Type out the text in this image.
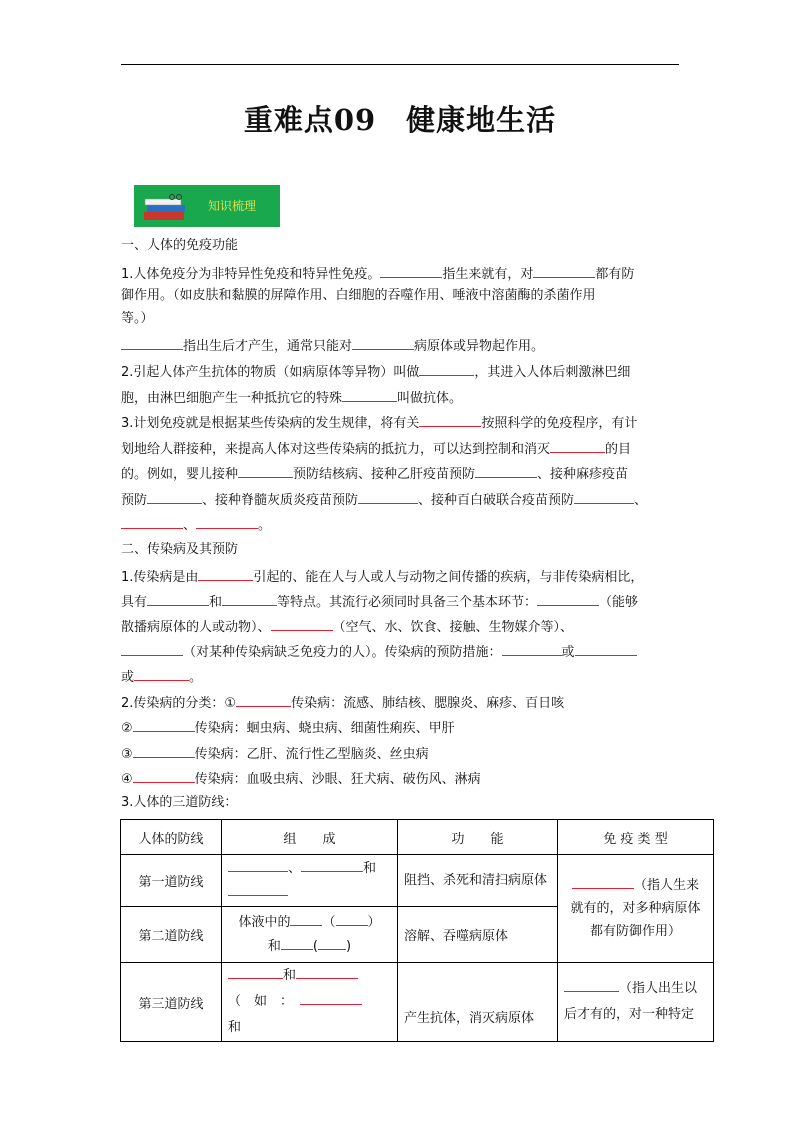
重难点09　健康地生活
知识梳理
一、人体的免疫功能
1.人体免疫分为非特异性免疫和特异性免疫。	指生来就有，对	都有防
御作用。（如皮肤和黏膜的屏障作用、白细胞的吞噬作用、唾液中溶菌酶的杀菌作用
等。）
指出生后才产生，通常只能对	病原体或异物起作用。
2.引起人体产生抗体的物质（如病原体等异物）叫做	，其进入人体后刺激淋巴细
胞，由淋巴细胞产生一种抵抗它的特殊	叫做抗体。
3.计划免疫就是根据某些传染病的发生规律，将有关	按照科学的免疫程序，有计
划地给人群接种，来提高人体对这些传染病的抵抗力，可以达到控制和消灭	的目
的。例如，婴儿接种	预防结核病、接种乙肝疫苗预防	、接种麻疹疫苗
预防	、接种脊髓灰质炎疫苗预防	、接种百白破联合疫苗预防	、
、	。
二、传染病及其预防
1.传染病是由	引起的、能在人与人或人与动物之间传播的疾病，与非传染病相比，
具有	和	等特点。其流行必须同时具备三个基本环节：	（能够
散播病原体的人或动物）、	（空气、水、饮食、接触、生物媒介等）、
（对某种传染病缺乏免疫力的人）。传染病的预防措施：	或
或	。
2.传染病的分类：①	传染病：流感、肺结核、腮腺炎、麻疹、百日咳
②	传染病：蛔虫病、蛲虫病、细菌性痢疾、甲肝
③	传染病：乙肝、流行性乙型脑炎、丝虫病
④	传染病：血吸虫病、沙眼、狂犬病、破伤风、淋病
3.人体的三道防线：
人体的防线	组　　成	功　　能	免 疫 类 型
第一道防线	、 和	阻挡、杀死和清扫病原体	（指人生来
就有的，对多种病原体
都有防御作用）
第二道防线	体液中的 （ ）
和 ( )	溶解、吞噬病原体	
第三道防线	和
（　如　：　　　和	产生抗体，消灭病原体	（指人出生以
后才有的，对一种特定
